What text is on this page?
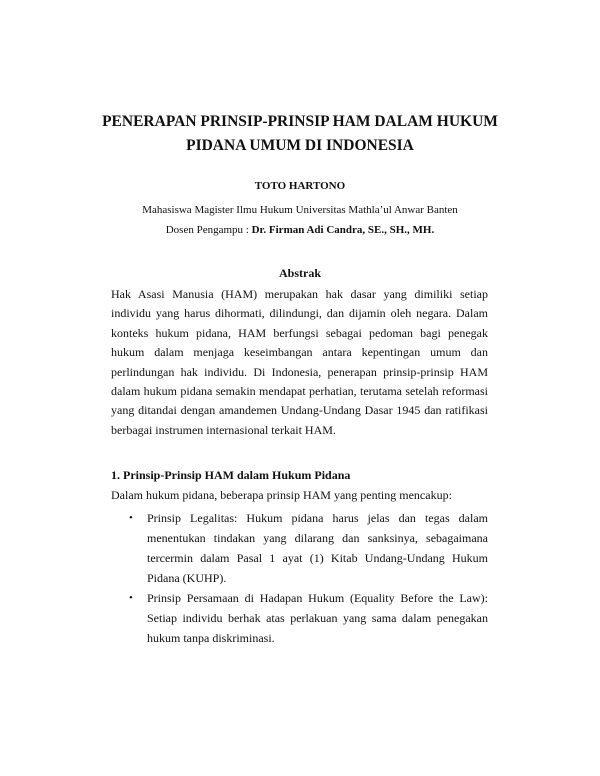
PENERAPAN PRINSIP-PRINSIP HAM DALAM HUKUM
PIDANA UMUM DI INDONESIA
TOTO HARTONO
Mahasiswa Magister Ilmu Hukum Universitas Mathla’ul Anwar Banten
Dosen Pengampu : Dr. Firman Adi Candra, SE., SH., MH.
Abstrak

Hak Asasi Manusia (HAM) merupakan hak dasar yang dimiliki setiap individu yang harus dihormati, dilindungi, dan dijamin oleh negara. Dalam konteks hukum pidana, HAM berfungsi sebagai pedoman bagi penegak hukum dalam menjaga keseimbangan antara kepentingan umum dan perlindungan hak individu. Di Indonesia, penerapan prinsip-prinsip HAM dalam hukum pidana semakin mendapat perhatian, terutama setelah reformasi yang ditandai dengan amandemen Undang-Undang Dasar 1945 dan ratifikasi berbagai instrumen internasional terkait HAM.

1. Prinsip-Prinsip HAM dalam Hukum Pidana
Dalam hukum pidana, beberapa prinsip HAM yang penting mencakup:
• Prinsip Legalitas: Hukum pidana harus jelas dan tegas dalam menentukan tindakan yang dilarang dan sanksinya, sebagaimana tercermin dalam Pasal 1 ayat (1) Kitab Undang-Undang Hukum Pidana (KUHP).
• Prinsip Persamaan di Hadapan Hukum (Equality Before the Law): Setiap individu berhak atas perlakuan yang sama dalam penegakan hukum tanpa diskriminasi.
